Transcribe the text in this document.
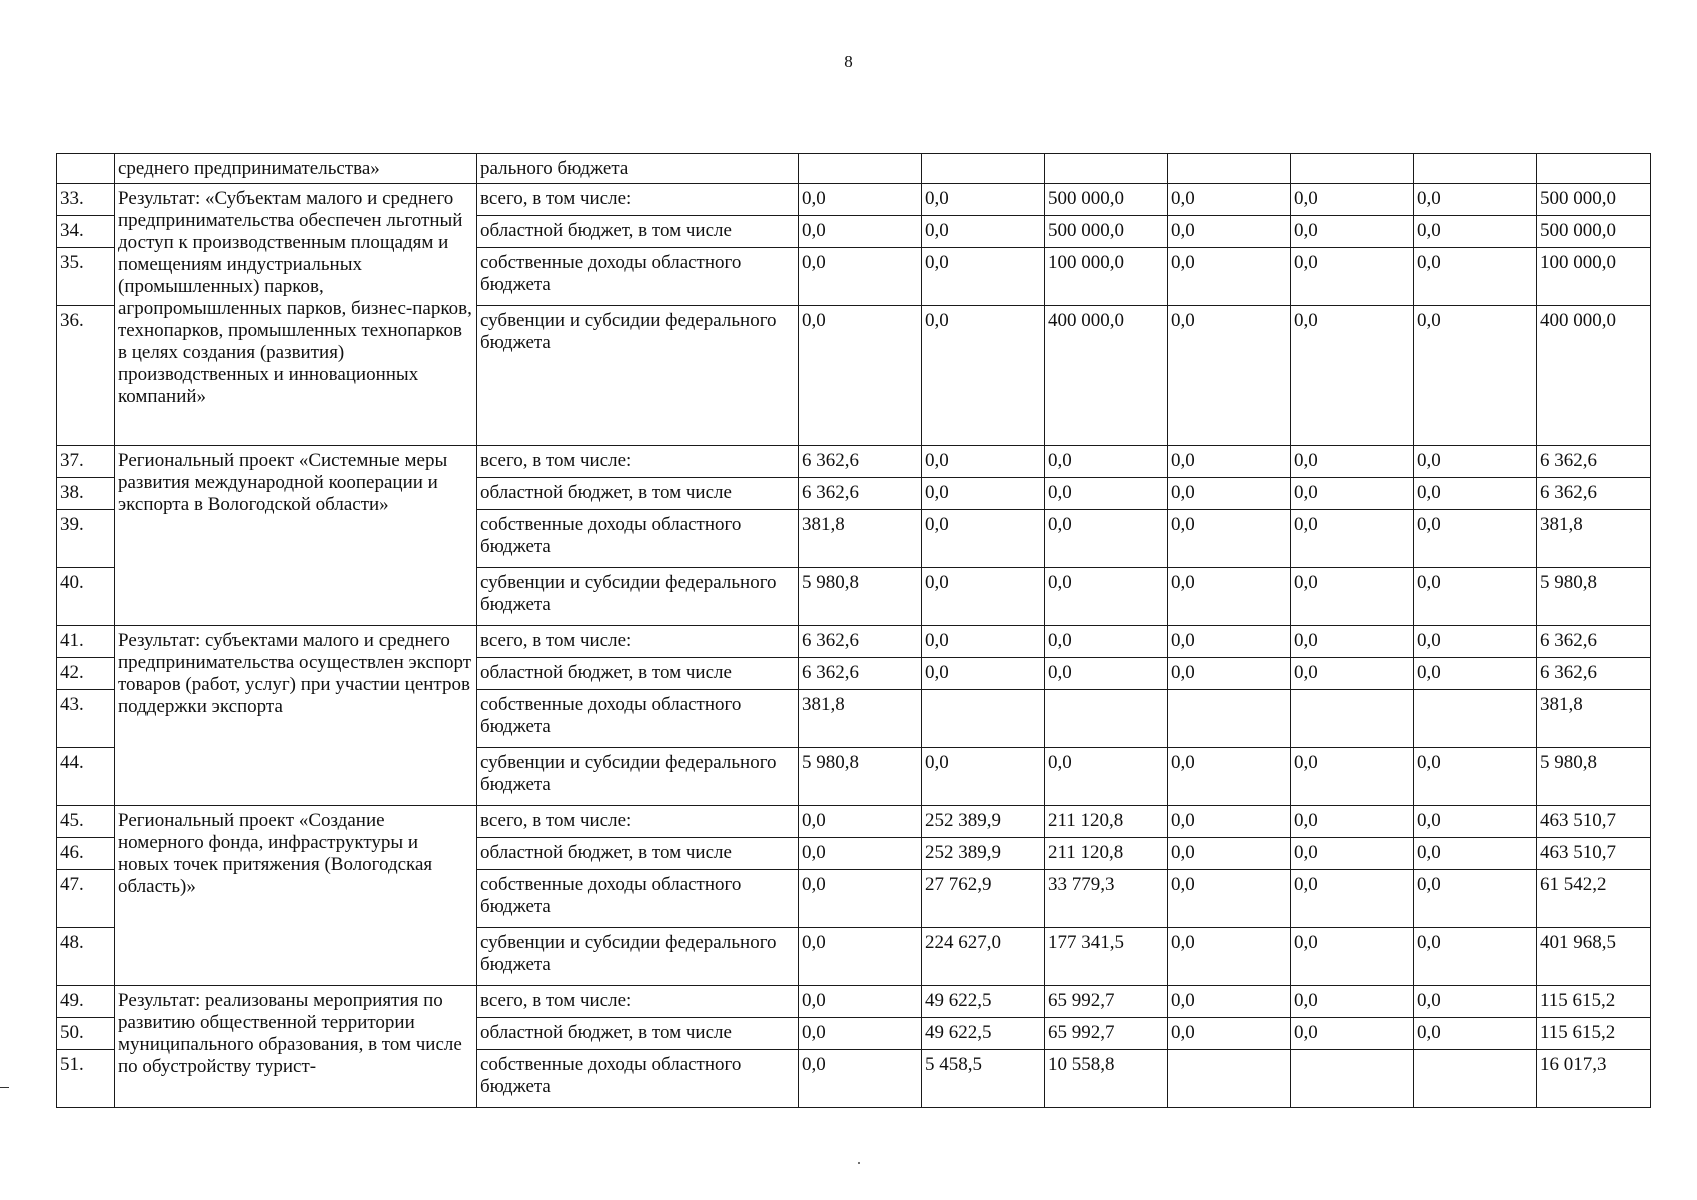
8
	среднего предпринимательства»	рального бюджета							
33.	Результат: «Субъектам малого и среднего предпринимательства обеспечен льготный доступ к производственным площадям и помещениям индустриальных (промышленных) парков, агропромышленных парков, бизнес-парков, технопарков, промышленных технопарков в целях создания (развития) производственных и инновационных компаний»	всего, в том числе:	0,0	0,0	500 000,0	0,0	0,0	0,0	500 000,0
34.		областной бюджет, в том числе	0,0	0,0	500 000,0	0,0	0,0	0,0	500 000,0
35.		собственные доходы областного бюджета	0,0	0,0	100 000,0	0,0	0,0	0,0	100 000,0
36.		субвенции и субсидии федерального бюджета	0,0	0,0	400 000,0	0,0	0,0	0,0	400 000,0
37.	Региональный проект «Системные меры развития международной кооперации и экспорта в Вологодской области»	всего, в том числе:	6 362,6	0,0	0,0	0,0	0,0	0,0	6 362,6
38.		областной бюджет, в том числе	6 362,6	0,0	0,0	0,0	0,0	0,0	6 362,6
39.		собственные доходы областного бюджета	381,8	0,0	0,0	0,0	0,0	0,0	381,8
40.		субвенции и субсидии федерального бюджета	5 980,8	0,0	0,0	0,0	0,0	0,0	5 980,8
41.	Результат: субъектами малого и среднего предпринимательства осуществлен экспорт товаров (работ, услуг) при участии центров поддержки экспорта	всего, в том числе:	6 362,6	0,0	0,0	0,0	0,0	0,0	6 362,6
42.		областной бюджет, в том числе	6 362,6	0,0	0,0	0,0	0,0	0,0	6 362,6
43.		собственные доходы областного бюджета	381,8						381,8
44.		субвенции и субсидии федерального бюджета	5 980,8	0,0	0,0	0,0	0,0	0,0	5 980,8
45.	Региональный проект «Создание номерного фонда, инфраструктуры и новых точек притяжения (Вологодская область)»	всего, в том числе:	0,0	252 389,9	211 120,8	0,0	0,0	0,0	463 510,7
46.		областной бюджет, в том числе	0,0	252 389,9	211 120,8	0,0	0,0	0,0	463 510,7
47.		собственные доходы областного бюджета	0,0	27 762,9	33 779,3	0,0	0,0	0,0	61 542,2
48.		субвенции и субсидии федерального бюджета	0,0	224 627,0	177 341,5	0,0	0,0	0,0	401 968,5
49.	Результат: реализованы мероприятия по развитию общественной территории муниципального образования, в том числе по обустройству турист-	всего, в том числе:	0,0	49 622,5	65 992,7	0,0	0,0	0,0	115 615,2
50.		областной бюджет, в том числе	0,0	49 622,5	65 992,7	0,0	0,0	0,0	115 615,2
51.		собственные доходы областного бюджета	0,0	5 458,5	10 558,8				16 017,3
